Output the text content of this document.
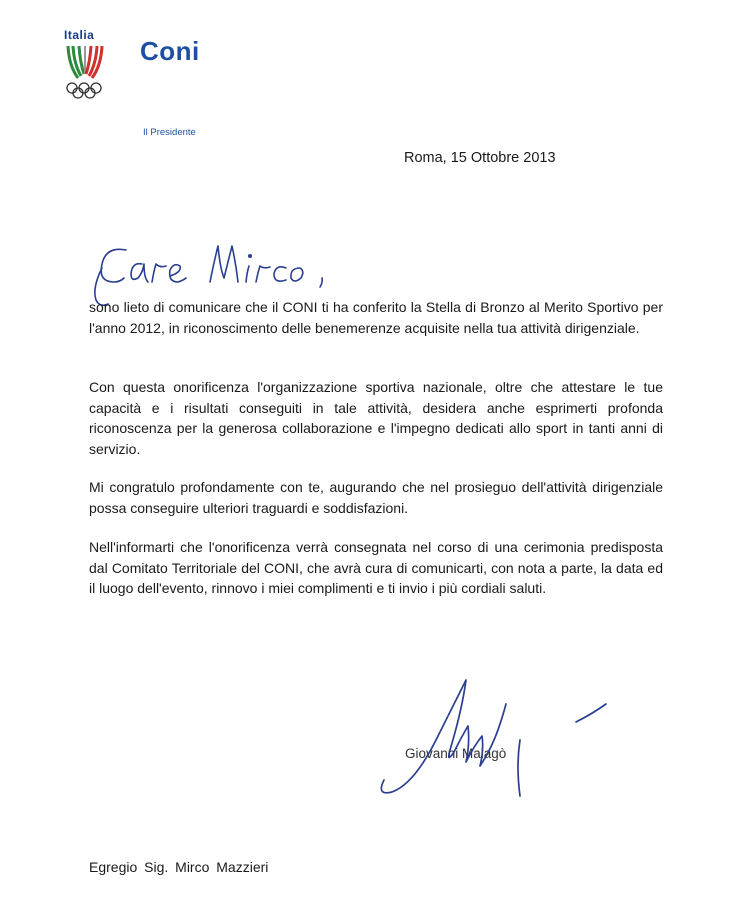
Italia
Coni
Il Presidente
Roma, 15 Ottobre 2013

sono lieto di comunicare che il CONI ti ha conferito la Stella di Bronzo al Merito Sportivo per l'anno 2012, in riconoscimento delle benemerenze acquisite nella tua attività dirigenziale.

Con questa onorificenza l'organizzazione sportiva nazionale, oltre che attestare le tue capacità e i risultati conseguiti in tale attività, desidera anche esprimerti profonda riconoscenza per la generosa collaborazione e l'impegno dedicati allo sport in tanti anni di servizio.

Mi congratulo profondamente con te, augurando che nel prosieguo dell'attività dirigenziale possa conseguire ulteriori traguardi e soddisfazioni.

Nell'informarti che l'onorificenza verrà consegnata nel corso di una cerimonia predisposta dal Comitato Territoriale del CONI, che avrà cura di comunicarti, con nota a parte, la data ed il luogo dell'evento, rinnovo i miei complimenti e ti invio i più cordiali saluti.

Giovanni Malagò
Egregio Sig. Mirco Mazzieri
